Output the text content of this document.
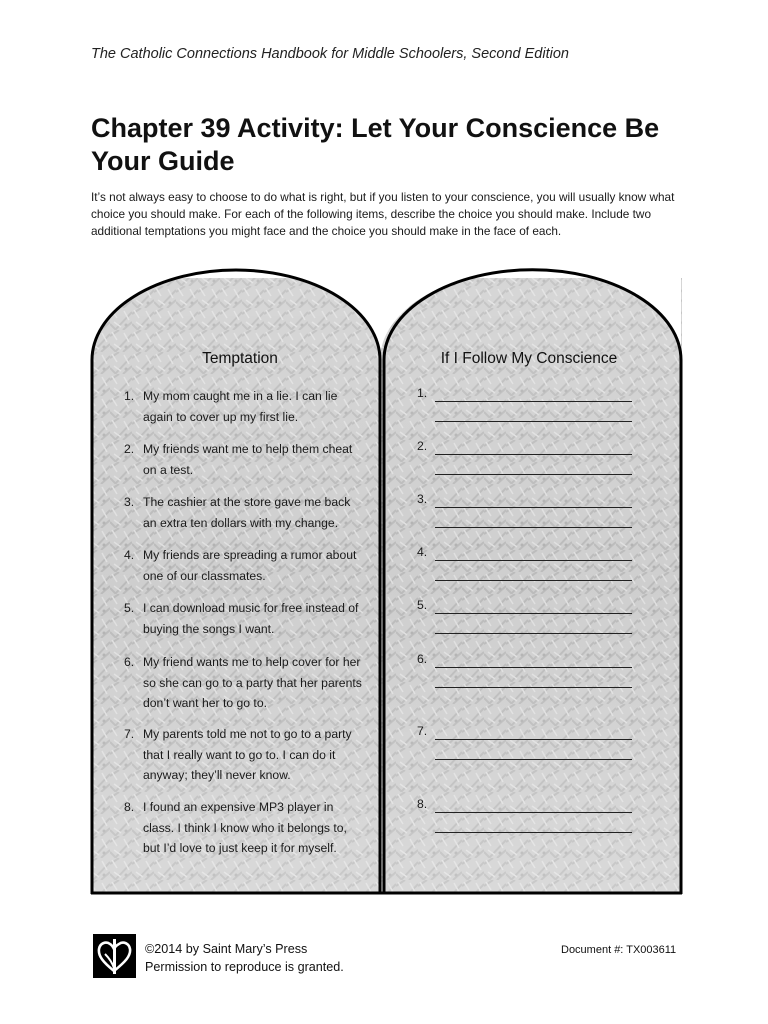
The Catholic Connections Handbook for Middle Schoolers, Second Edition
Chapter 39 Activity: Let Your Conscience Be Your Guide
It’s not always easy to choose to do what is right, but if you listen to your conscience, you will usually know what choice you should make. For each of the following items, describe the choice you should make. Include two additional temptations you might face and the choice you should make in the face of each.
Temptation	If I Follow My Conscience
1. My mom caught me in a lie. I can lie again to cover up my first lie.
2. My friends want me to help them cheat on a test.
3. The cashier at the store gave me back an extra ten dollars with my change.
4. My friends are spreading a rumor about one of our classmates.
5. I can download music for free instead of buying the songs I want.
6. My friend wants me to help cover for her so she can go to a party that her parents don’t want her to go to.
7. My parents told me not to go to a party that I really want to go to. I can do it anyway; they’ll never know.
8. I found an expensive MP3 player in class. I think I know who it belongs to, but I’d love to just keep it for myself.
1.
2.
3.
4.
5.
6.
7.
8.
©2014 by Saint Mary’s Press
Permission to reproduce is granted.
Document #: TX003611
